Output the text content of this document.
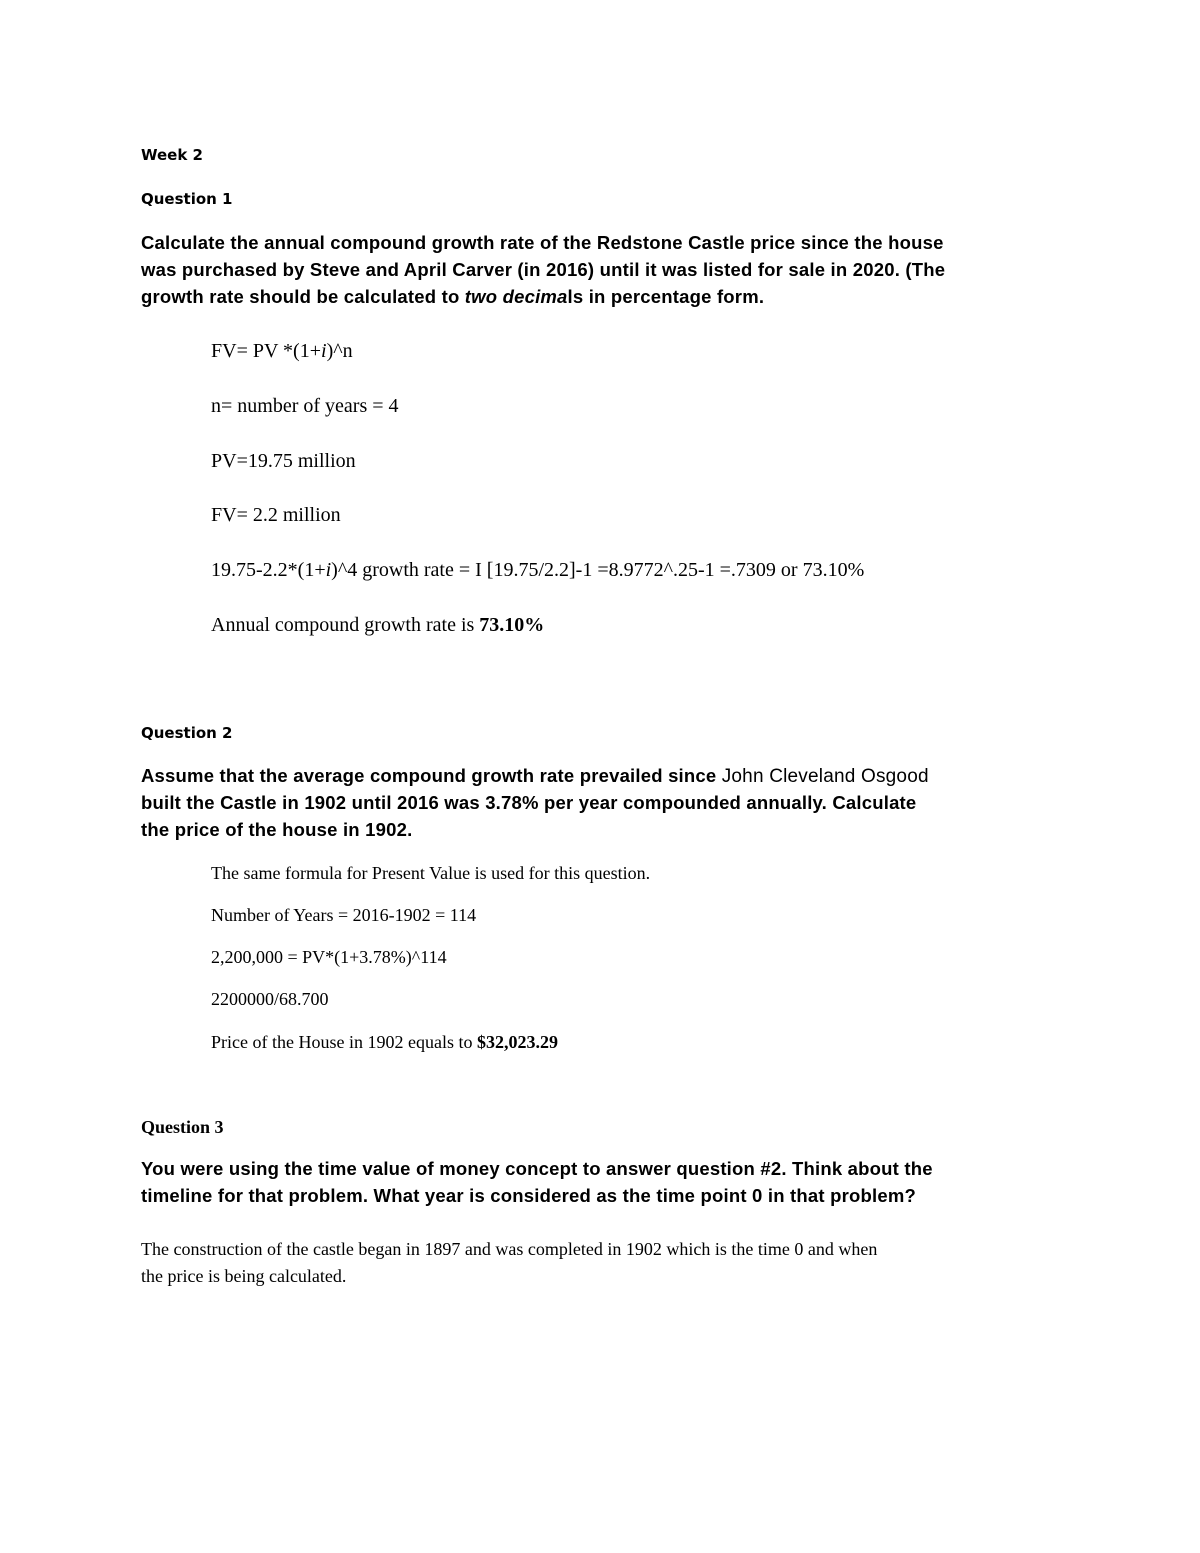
Week 2
Question 1
Calculate the annual compound growth rate of the Redstone Castle price since the house
was purchased by Steve and April Carver (in 2016) until it was listed for sale in 2020. (The
growth rate should be calculated to two decimals in percentage form.
FV= PV *(1+i)^n
n= number of years = 4
PV=19.75 million
FV= 2.2 million
19.75-2.2*(1+i)^4 growth rate = I [19.75/2.2]-1 =8.9772^.25-1 =.7309 or 73.10%
Annual compound growth rate is 73.10%
Question 2
Assume that the average compound growth rate prevailed since John Cleveland Osgood
built the Castle in 1902 until 2016 was 3.78% per year compounded annually. Calculate
the price of the house in 1902.
The same formula for Present Value is used for this question.
Number of Years = 2016-1902 = 114
2,200,000 = PV*(1+3.78%)^114
2200000/68.700
Price of the House in 1902 equals to $32,023.29
Question 3
You were using the time value of money concept to answer question #2. Think about the
timeline for that problem. What year is considered as the time point 0 in that problem?
The construction of the castle began in 1897 and was completed in 1902 which is the time 0 and when
the price is being calculated.
